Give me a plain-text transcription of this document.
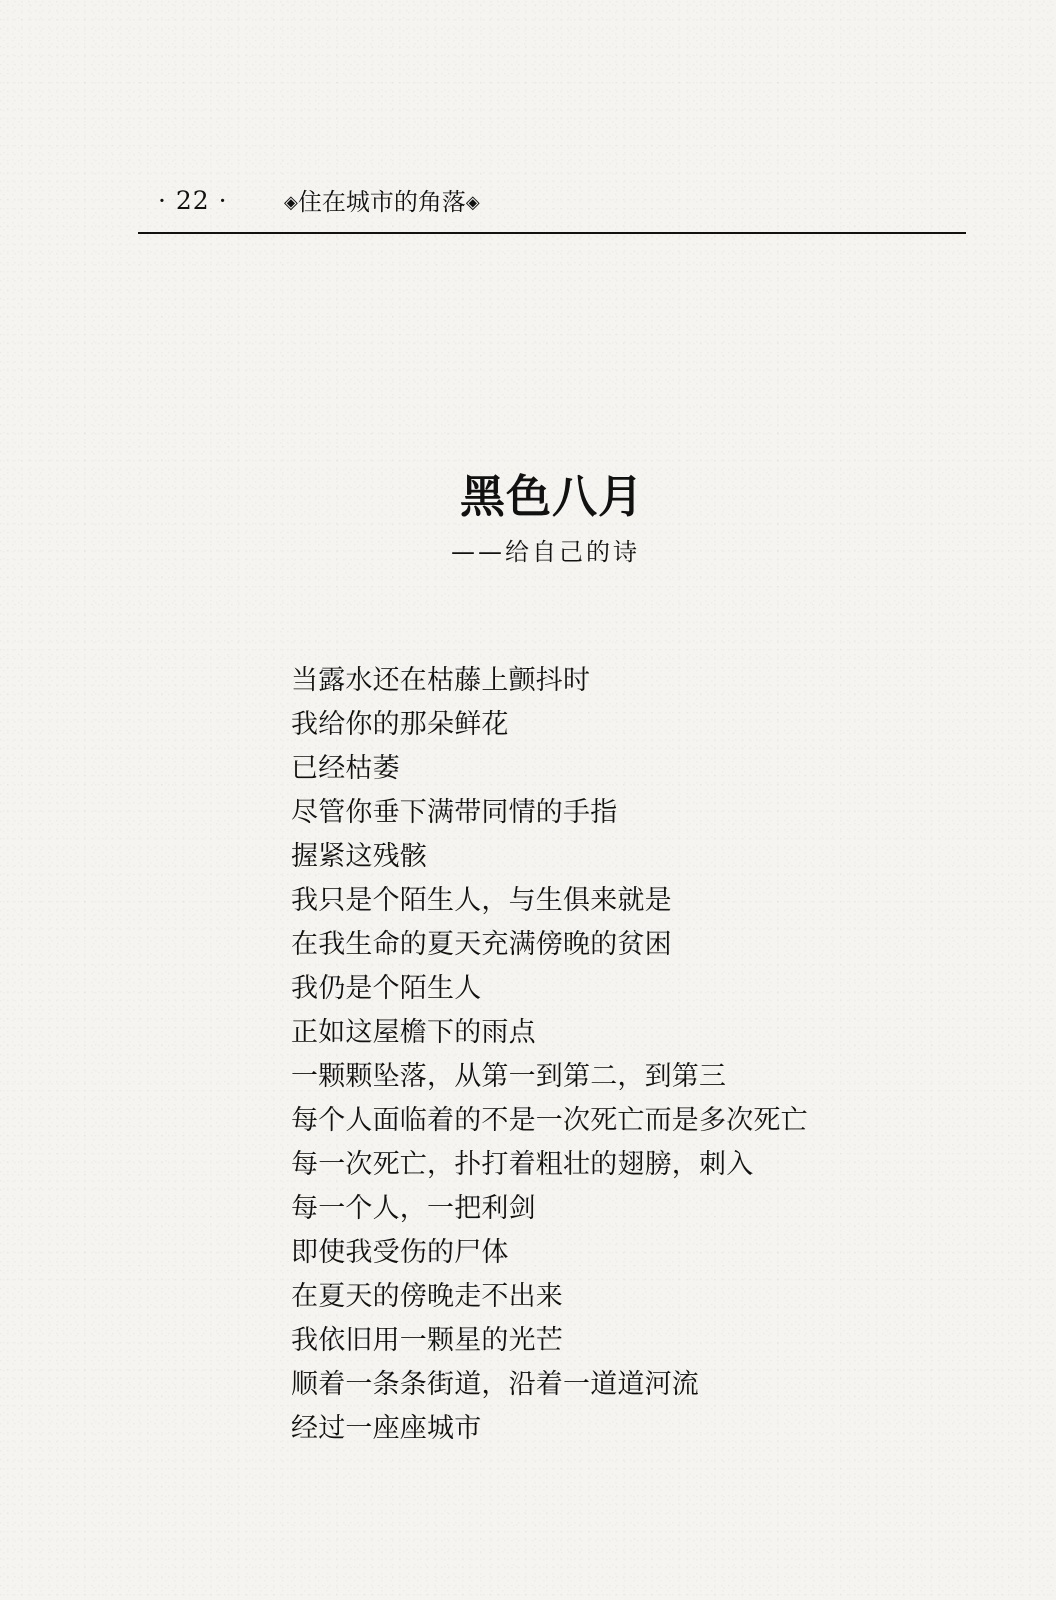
· 22 ·	◈住在城市的角落◈
黑色八月
——给自己的诗
当露水还在枯藤上颤抖时
我给你的那朵鲜花
已经枯萎
尽管你垂下满带同情的手指
握紧这残骸
我只是个陌生人，与生俱来就是
在我生命的夏天充满傍晚的贫困
我仍是个陌生人
正如这屋檐下的雨点
一颗颗坠落，从第一到第二，到第三
每个人面临着的不是一次死亡而是多次死亡
每一次死亡，扑打着粗壮的翅膀，刺入
每一个人，一把利剑
即使我受伤的尸体
在夏天的傍晚走不出来
我依旧用一颗星的光芒
顺着一条条街道，沿着一道道河流
经过一座座城市
